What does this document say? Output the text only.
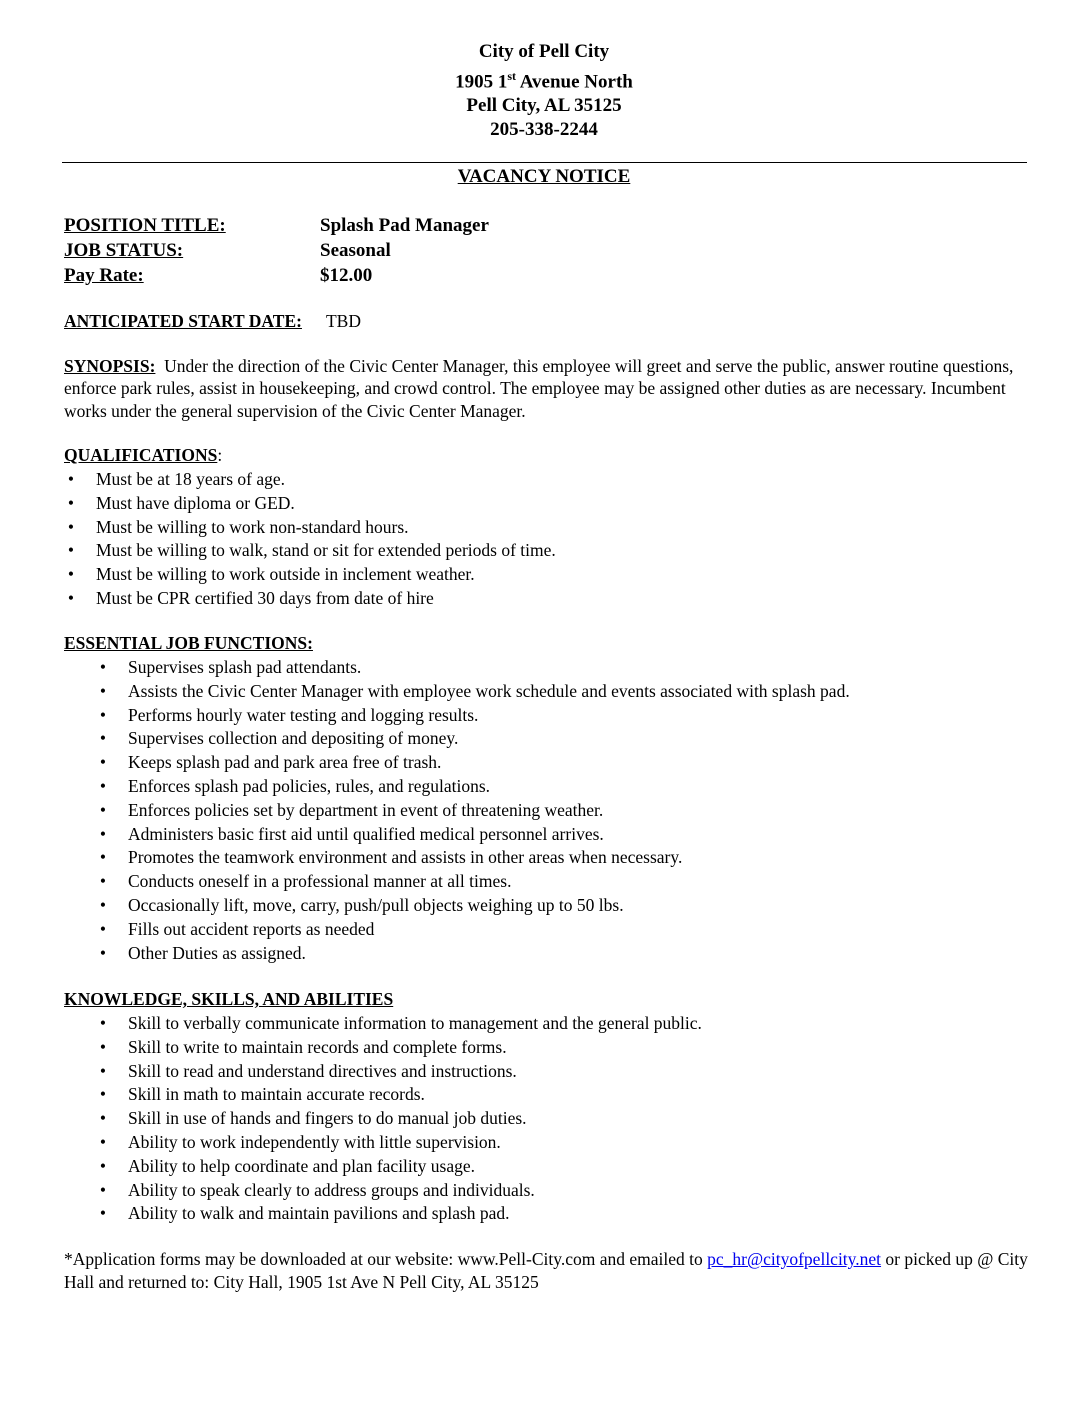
City of Pell City
1905 1st Avenue North
Pell City, AL 35125
205-338-2244
VACANCY NOTICE
POSITION TITLE:	Splash Pad Manager
JOB STATUS:	Seasonal
Pay Rate:	$12.00
ANTICIPATED START DATE: TBD
SYNOPSIS: Under the direction of the Civic Center Manager, this employee will greet and serve the public, answer routine questions, enforce park rules, assist in housekeeping, and crowd control. The employee may be assigned other duties as are necessary. Incumbent works under the general supervision of the Civic Center Manager.
QUALIFICATIONS:
• Must be at 18 years of age.
• Must have diploma or GED.
• Must be willing to work non-standard hours.
• Must be willing to walk, stand or sit for extended periods of time.
• Must be willing to work outside in inclement weather.
• Must be CPR certified 30 days from date of hire
ESSENTIAL JOB FUNCTIONS:
• Supervises splash pad attendants.
• Assists the Civic Center Manager with employee work schedule and events associated with splash pad.
• Performs hourly water testing and logging results.
• Supervises collection and depositing of money.
• Keeps splash pad and park area free of trash.
• Enforces splash pad policies, rules, and regulations.
• Enforces policies set by department in event of threatening weather.
• Administers basic first aid until qualified medical personnel arrives.
• Promotes the teamwork environment and assists in other areas when necessary.
• Conducts oneself in a professional manner at all times.
• Occasionally lift, move, carry, push/pull objects weighing up to 50 lbs.
• Fills out accident reports as needed
• Other Duties as assigned.
KNOWLEDGE, SKILLS, AND ABILITIES
• Skill to verbally communicate information to management and the general public.
• Skill to write to maintain records and complete forms.
• Skill to read and understand directives and instructions.
• Skill in math to maintain accurate records.
• Skill in use of hands and fingers to do manual job duties.
• Ability to work independently with little supervision.
• Ability to help coordinate and plan facility usage.
• Ability to speak clearly to address groups and individuals.
• Ability to walk and maintain pavilions and splash pad.
*Application forms may be downloaded at our website: www.Pell-City.com and emailed to pc_hr@cityofpellcity.net or picked up @ City Hall and returned to: City Hall, 1905 1st Ave N Pell City, AL 35125
